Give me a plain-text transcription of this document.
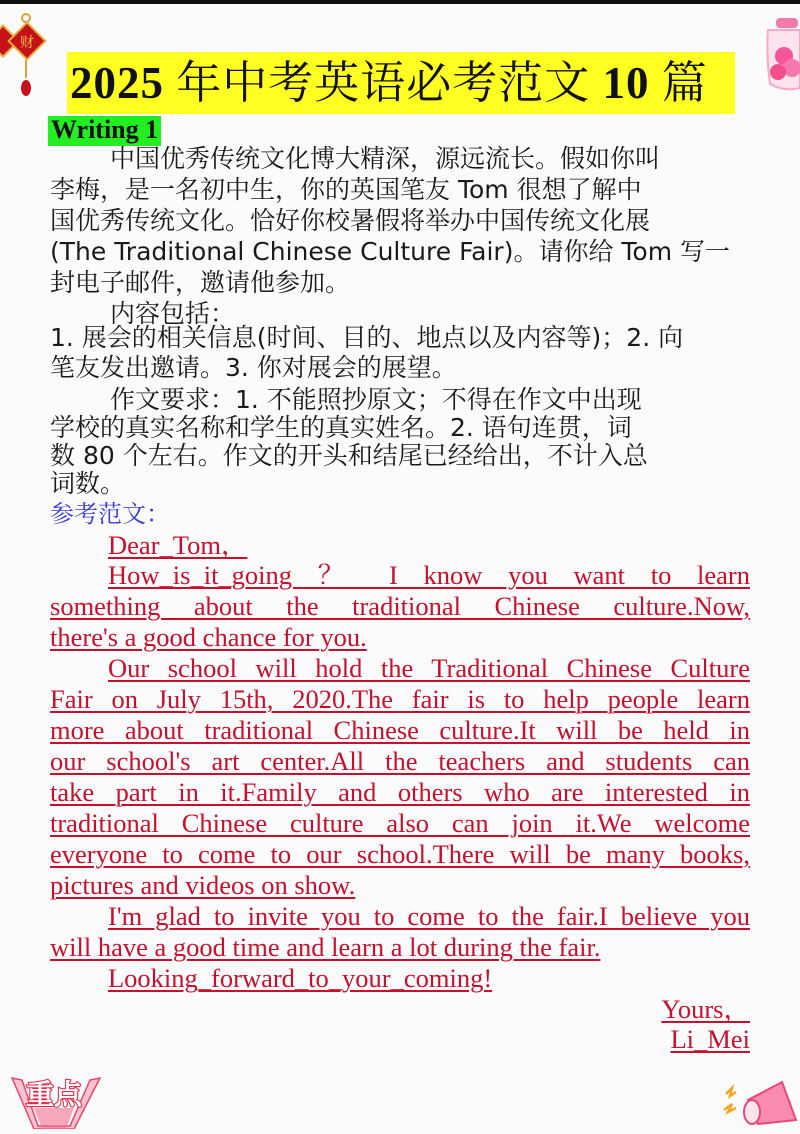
财
2025 年中考英语必考范文 10 篇
Writing 1
中国优秀传统文化博大精深，源远流长。假如你叫
李梅，是一名初中生，你的英国笔友 Tom 很想了解中
国优秀传统文化。恰好你校暑假将举办中国传统文化展
(The Traditional Chinese Culture Fair)。请你给 Tom 写一
封电子邮件，邀请他参加。
内容包括：
1. 展会的相关信息(时间、目的、地点以及内容等)；2. 向
笔友发出邀请。3. 你对展会的展望。
作文要求：1. 不能照抄原文；不得在作文中出现
学校的真实名称和学生的真实姓名。2. 语句连贯，词
数 80 个左右。作文的开头和结尾已经给出，不计入总
词数。
参考范文：
Dear_Tom，
How_is_it_going ？ I know you want to learn
something about the traditional Chinese culture.Now,
there's a good chance for you.
Our school will hold the Traditional Chinese Culture
Fair on July 15th, 2020.The fair is to help people learn
more about traditional Chinese culture.It will be held in
our school's art center.All the teachers and students can
take part in it.Family and others who are interested in
traditional Chinese culture also can join it.We welcome
everyone to come to our school.There will be many books,
pictures and videos on show.
I'm glad to invite you to come to the fair.I believe you
will have a good time and learn a lot during the fair.
Looking_forward_to_your_coming!
Yours，
Li_Mei
重点
